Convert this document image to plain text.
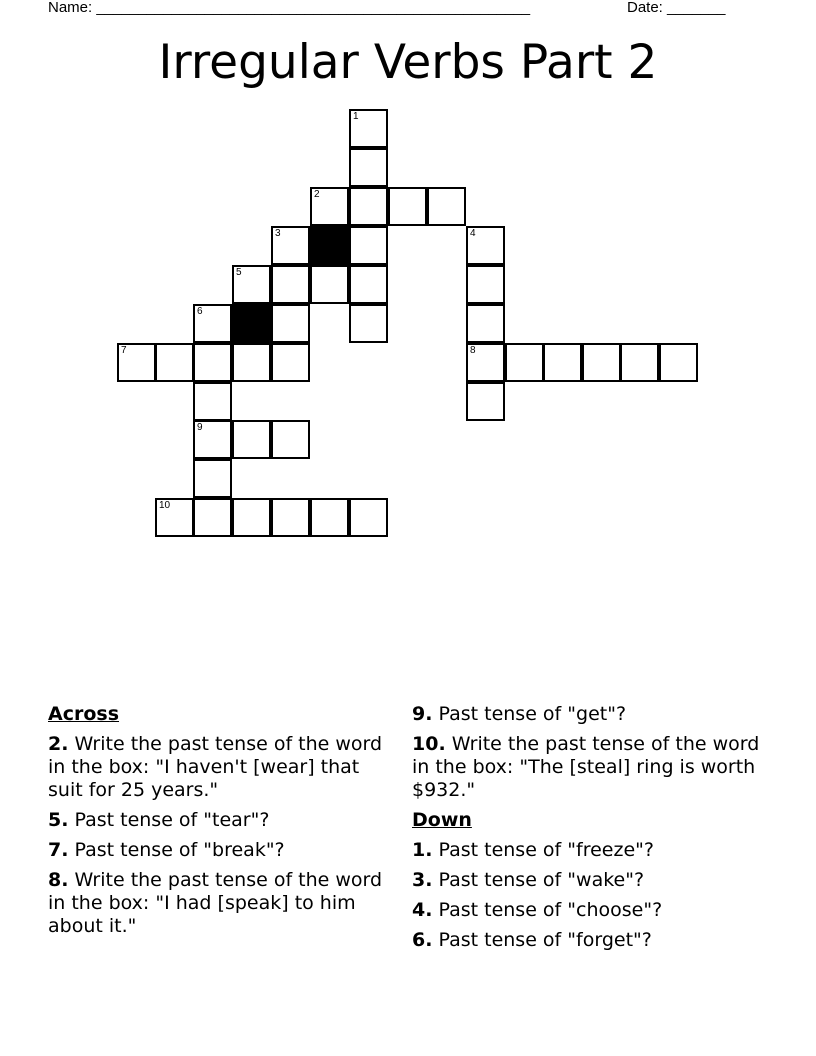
Name: ____________________________________________________	Date: _______
Irregular Verbs Part 2
1
2
3	4
5
6
7	8
9
10
Across
2. Write the past tense of the word in the box: "I haven't [wear] that suit for 25 years."
5. Past tense of "tear"?
7. Past tense of "break"?
8. Write the past tense of the word in the box: "I had [speak] to him about it."
9. Past tense of "get"?
10. Write the past tense of the word in the box: "The [steal] ring is worth $932."
Down
1. Past tense of "freeze"?
3. Past tense of "wake"?
4. Past tense of "choose"?
6. Past tense of "forget"?
